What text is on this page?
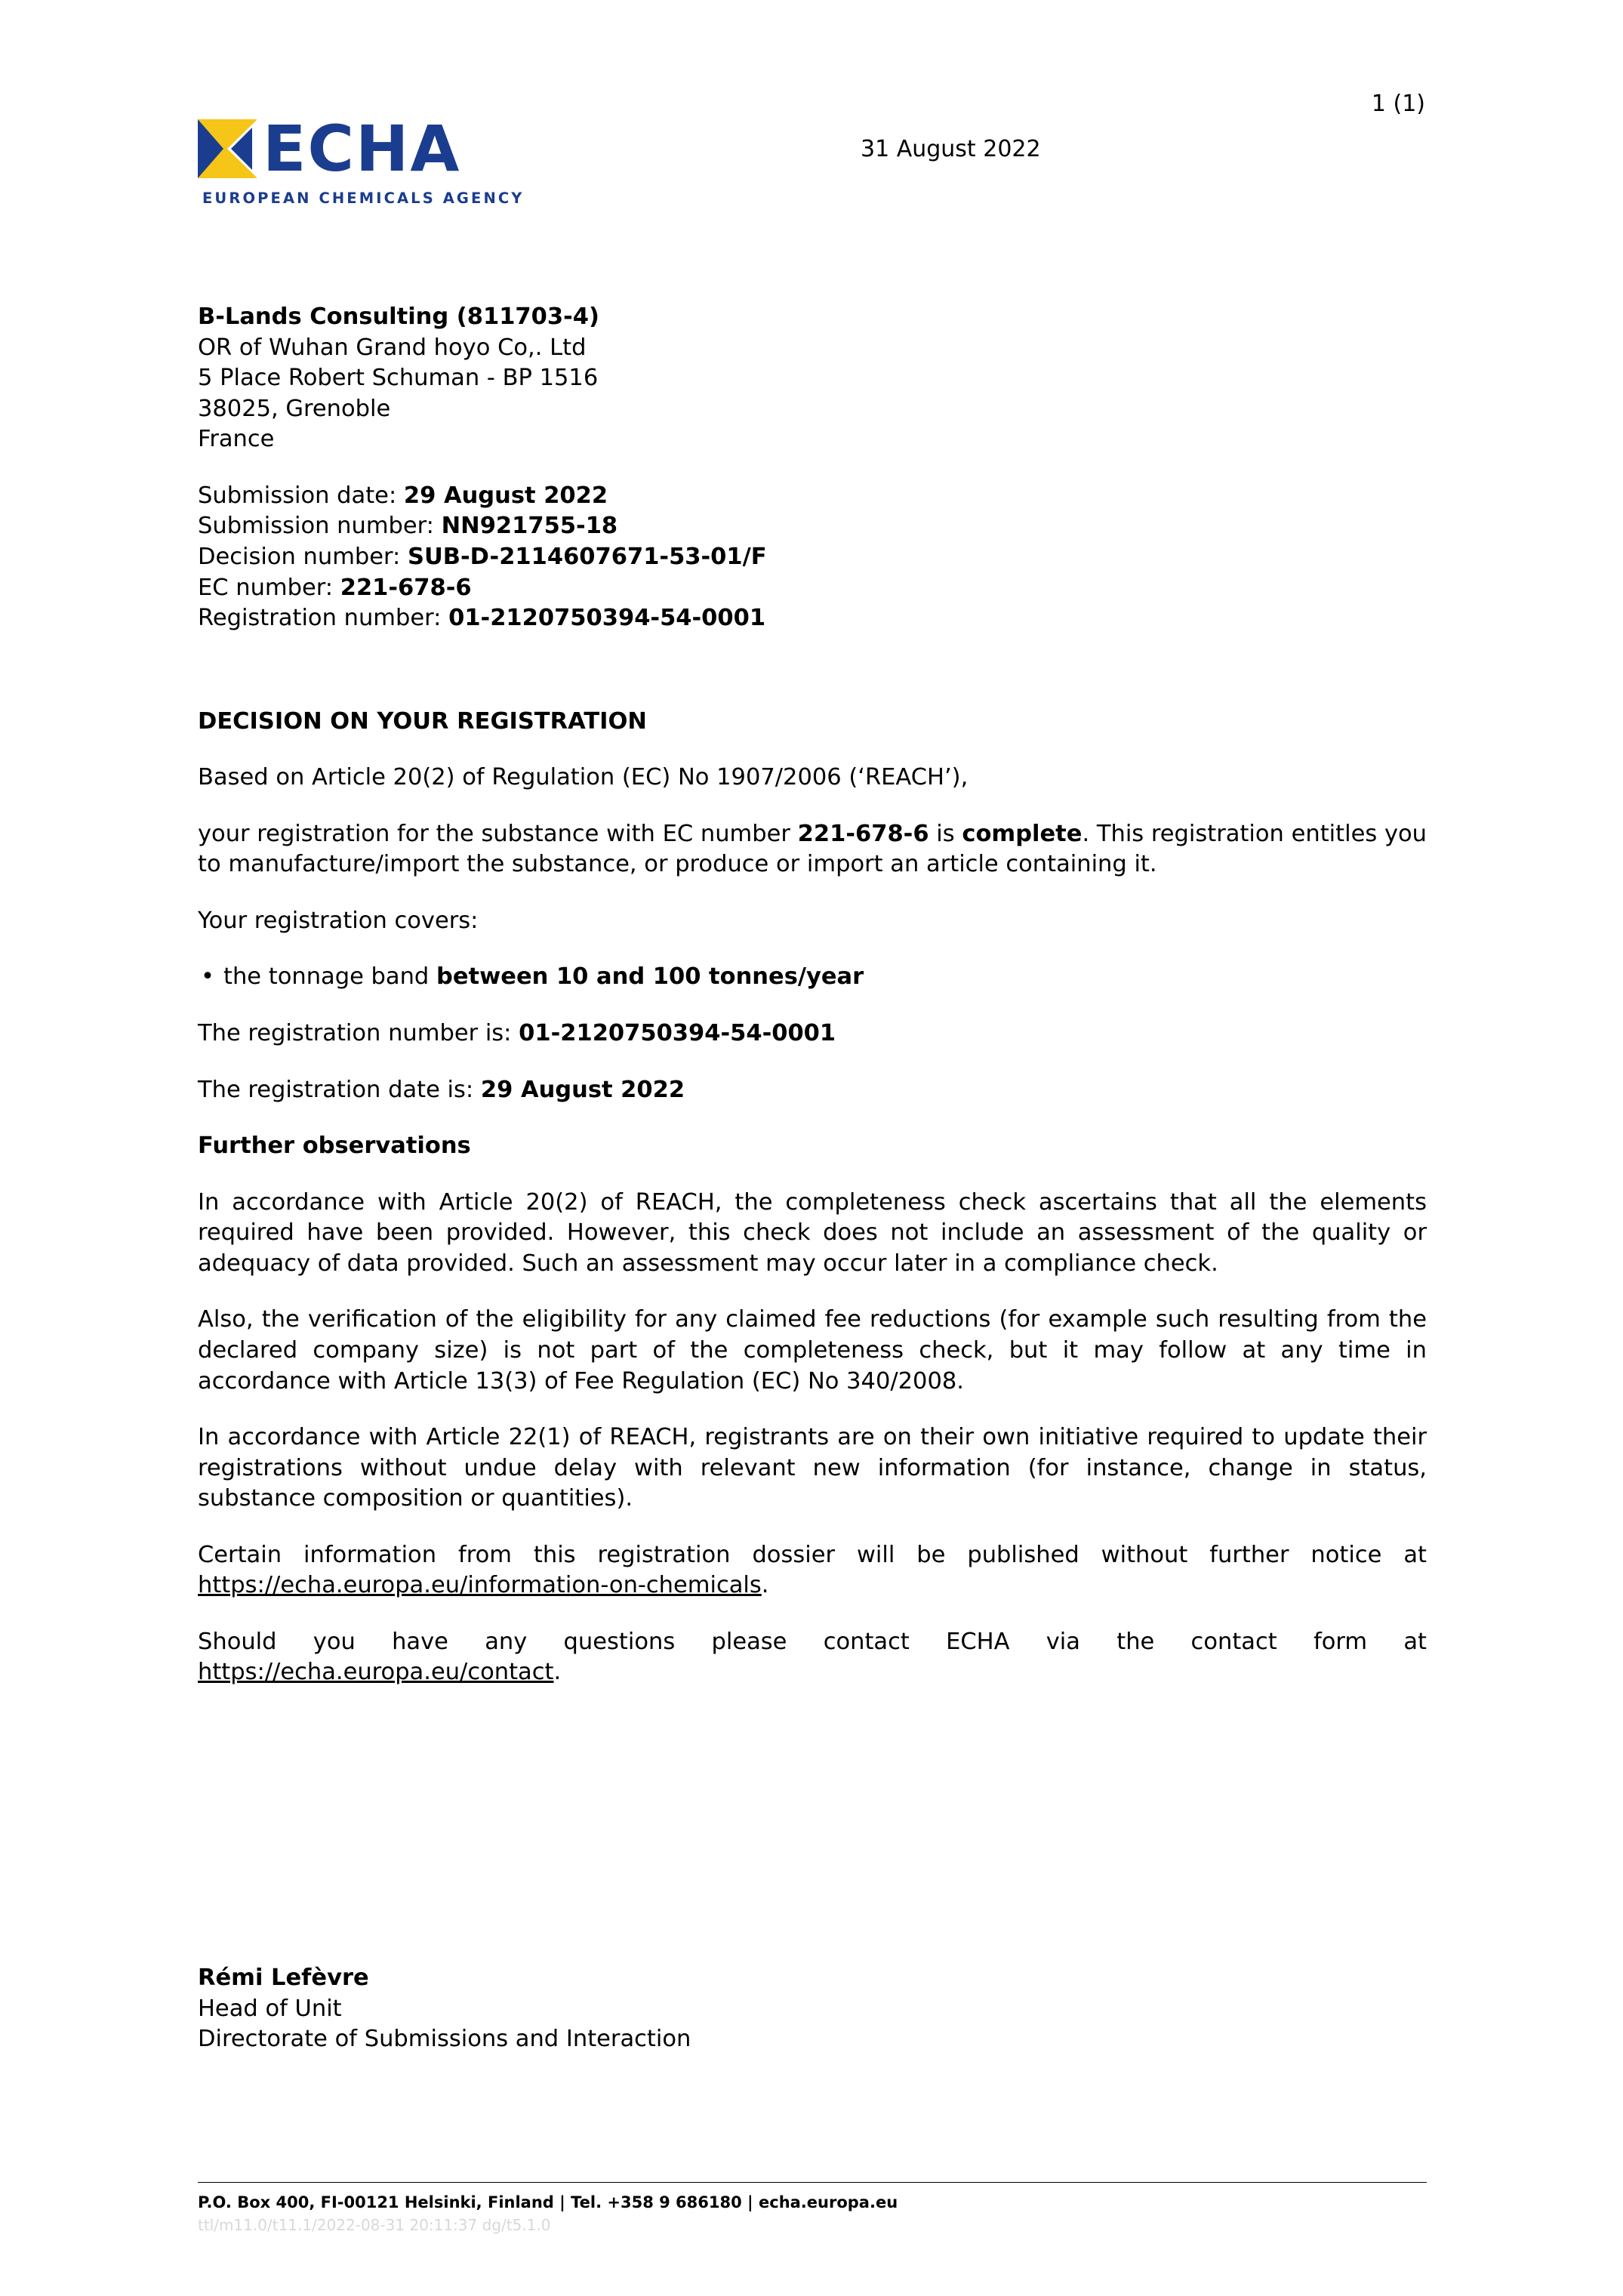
ECHA
EUROPEAN CHEMICALS AGENCY
1 (1)
31 August 2022
B-Lands Consulting (811703-4)
OR of Wuhan Grand hoyo Co,. Ltd
5 Place Robert Schuman - BP 1516
38025, Grenoble
France
Submission date: 29 August 2022
Submission number: NN921755-18
Decision number: SUB-D-2114607671-53-01/F
EC number: 221-678-6
Registration number: 01-2120750394-54-0001
DECISION ON YOUR REGISTRATION

Based on Article 20(2) of Regulation (EC) No 1907/2006 (‘REACH’),

your registration for the substance with EC number 221-678-6 is complete. This registration entitles you to manufacture/import the substance, or produce or import an article containing it.

Your registration covers:

• the tonnage band between 10 and 100 tonnes/year

The registration number is: 01-2120750394-54-0001

The registration date is: 29 August 2022

Further observations

In accordance with Article 20(2) of REACH, the completeness check ascertains that all the elements required have been provided. However, this check does not include an assessment of the quality or adequacy of data provided. Such an assessment may occur later in a compliance check.

Also, the verification of the eligibility for any claimed fee reductions (for example such resulting from the declared company size) is not part of the completeness check, but it may follow at any time in accordance with Article 13(3) of Fee Regulation (EC) No 340/2008.

In accordance with Article 22(1) of REACH, registrants are on their own initiative required to update their registrations without undue delay with relevant new information (for instance, change in status, substance composition or quantities).

Certain information from this registration dossier will be published without further notice at https://echa.europa.eu/information-on-chemicals.

Should you have any questions please contact ECHA via the contact form at https://echa.europa.eu/contact.

Rémi Lefèvre
Head of Unit
Directorate of Submissions and Interaction
P.O. Box 400, FI-00121 Helsinki, Finland | Tel. +358 9 686180 | echa.europa.eu
ttl/m11.0/t11.1/2022-08-31 20:11:37 dg/t5.1.0
